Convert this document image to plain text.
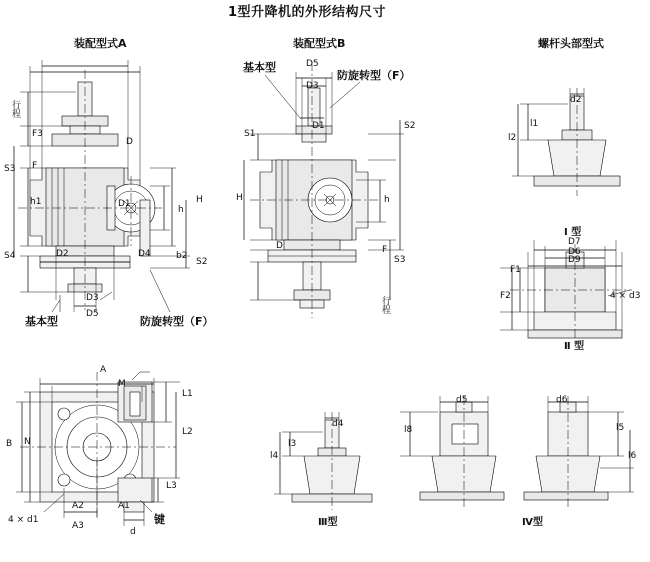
1型升降机的外形结构尺寸
装配型式A	装配型式B	螺杆头部型式
基本型	防旋转型（F）
基本型
防旋转型（F）
Ⅰ 型
Ⅱ 型
Ⅲ型	Ⅳ型
行程
F3
F
S3
S4
h1
D
H
h
D1
D4	b2
S2
D2
D3
D5
S1
S2
D5
D3
D1
H	h
S3
F
D
行程
d2
l1
l2
D7
D6
D9
F1
F2
d4
l3
l4
d5
l8
d6
l5
l6
A
B
M
N
L1
L2
L3
A2
A3
A1
d
4 × d1	键
4 × d3
